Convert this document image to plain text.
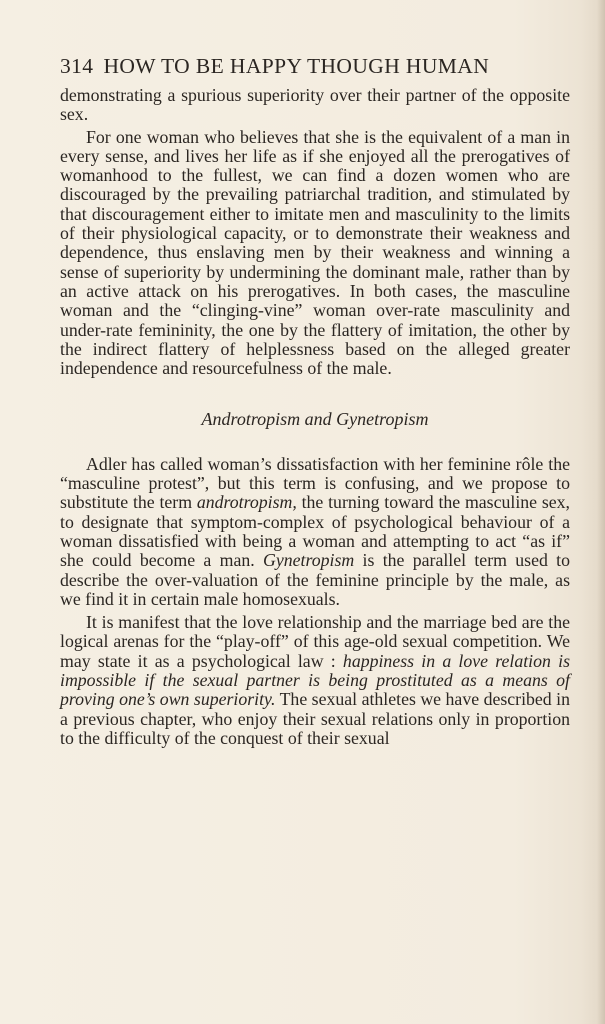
314 HOW TO BE HAPPY THOUGH HUMAN

demonstrating a spurious superiority over their partner of the opposite sex.

For one woman who believes that she is the equivalent of a man in every sense, and lives her life as if she enjoyed all the prerogatives of womanhood to the fullest, we can find a dozen women who are discouraged by the prevailing patriarchal tradition, and stimulated by that discouragement either to imitate men and masculinity to the limits of their physiological capacity, or to demonstrate their weakness and dependence, thus enslaving men by their weakness and winning a sense of superiority by undermining the dominant male, rather than by an active attack on his prerogatives. In both cases, the masculine woman and the “clinging-vine” woman over-rate masculinity and under-rate femininity, the one by the flattery of imitation, the other by the indirect flattery of helplessness based on the alleged greater independence and resourcefulness of the male.

Androtropism and Gynetropism

Adler has called woman’s dissatisfaction with her feminine rôle the “masculine protest”, but this term is confusing, and we propose to substitute the term androtropism, the turning toward the masculine sex, to designate that symptom-complex of psychological behaviour of a woman dissatisfied with being a woman and attempting to act “as if” she could become a man. Gynetropism is the parallel term used to describe the over-valuation of the feminine principle by the male, as we find it in certain male homosexuals.

It is manifest that the love relationship and the marriage bed are the logical arenas for the “play-off” of this age-old sexual competition. We may state it as a psychological law : happiness in a love relation is impossible if the sexual partner is being prostituted as a means of proving one’s own superiority. The sexual athletes we have described in a previous chapter, who enjoy their sexual relations only in proportion to the difficulty of the conquest of their sexual
